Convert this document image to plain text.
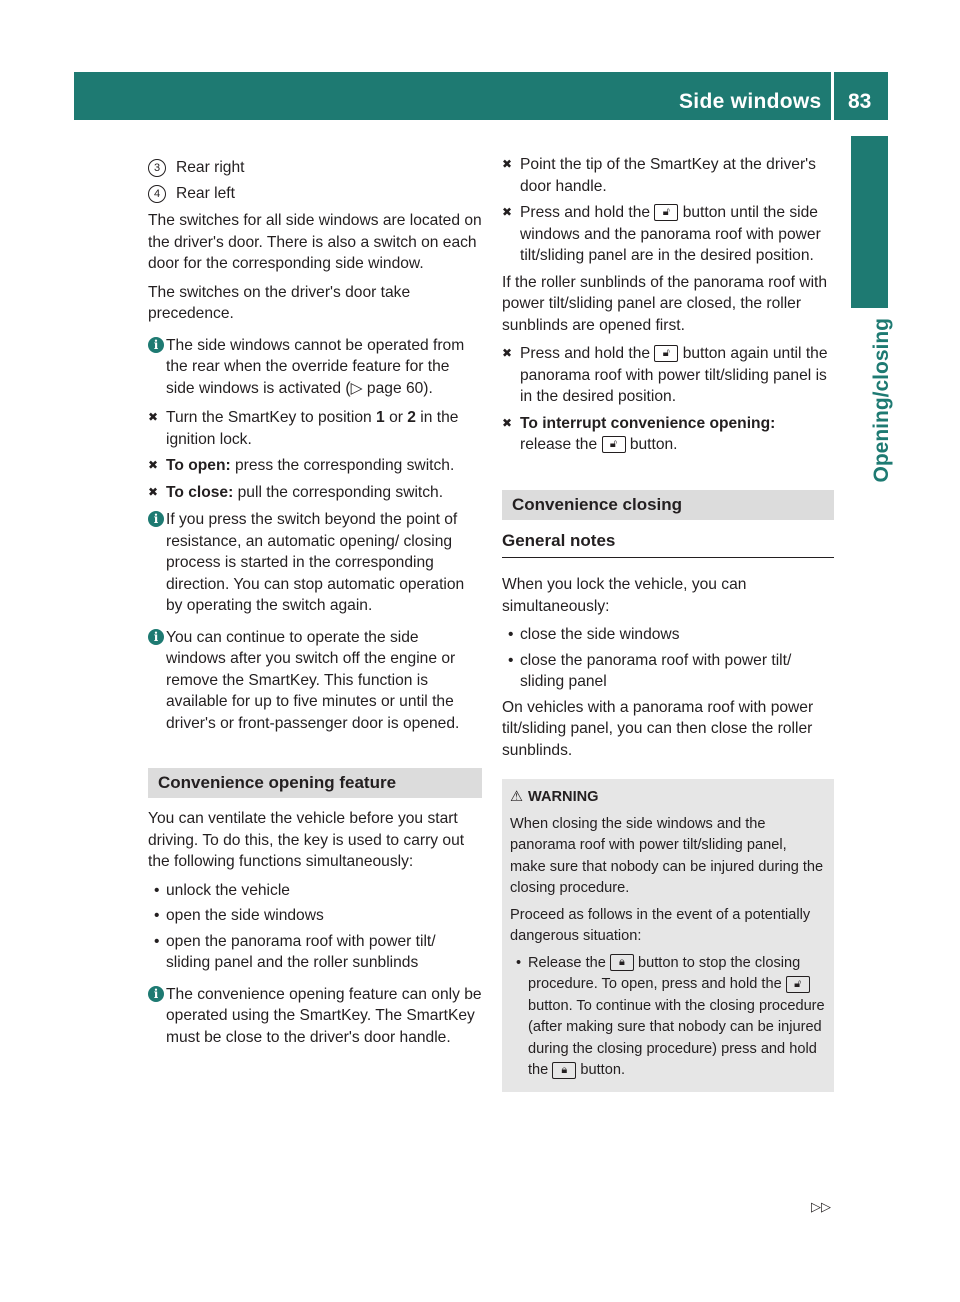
Side windows 83
Opening/closing
3	Rear right
4	Rear left

The switches for all side windows are located on the driver's door. There is also a switch on each door for the corresponding side window.

The switches on the driver's door take precedence.

i The side windows cannot be operated from the rear when the override feature for the side windows is activated (▷ page 60).
✖ Turn the SmartKey to position 1 or 2 in the ignition lock.
✖ To open: press the corresponding switch.
✖ To close: pull the corresponding switch.
i If you press the switch beyond the point of resistance, an automatic opening/ closing process is started in the corresponding direction. You can stop automatic operation by operating the switch again.
i You can continue to operate the side windows after you switch off the engine or remove the SmartKey. This function is available for up to five minutes or until the driver's or front-passenger door is opened.
Convenience opening feature

You can ventilate the vehicle before you start driving. To do this, the key is used to carry out the following functions simultaneously:

• unlock the vehicle
• open the side windows
• open the panorama roof with power tilt/ sliding panel and the roller sunblinds
i The convenience opening feature can only be operated using the SmartKey. The SmartKey must be close to the driver's door handle.
✖ Point the tip of the SmartKey at the driver's door handle.
✖ Press and hold the 🔓︎ button until the side windows and the panorama roof with power tilt/sliding panel are in the desired position.

If the roller sunblinds of the panorama roof with power tilt/sliding panel are closed, the roller sunblinds are opened first.

✖ Press and hold the 🔓︎ button again until the panorama roof with power tilt/sliding panel is in the desired position.
✖ To interrupt convenience opening:
release the 🔓︎ button.
Convenience closing
General notes

When you lock the vehicle, you can simultaneously:

• close the side windows
• close the panorama roof with power tilt/ sliding panel

On vehicles with a panorama roof with power tilt/sliding panel, you can then close the roller sunblinds.

⚠︎ WARNING

When closing the side windows and the panorama roof with power tilt/sliding panel, make sure that nobody can be injured during the closing procedure.

Proceed as follows in the event of a potentially dangerous situation:

• Release the 🔒︎ button to stop the closing procedure. To open, press and hold the 🔓︎ button. To continue with the closing procedure (after making sure that nobody can be injured during the closing procedure) press and hold the 🔒︎ button.
▷▷
